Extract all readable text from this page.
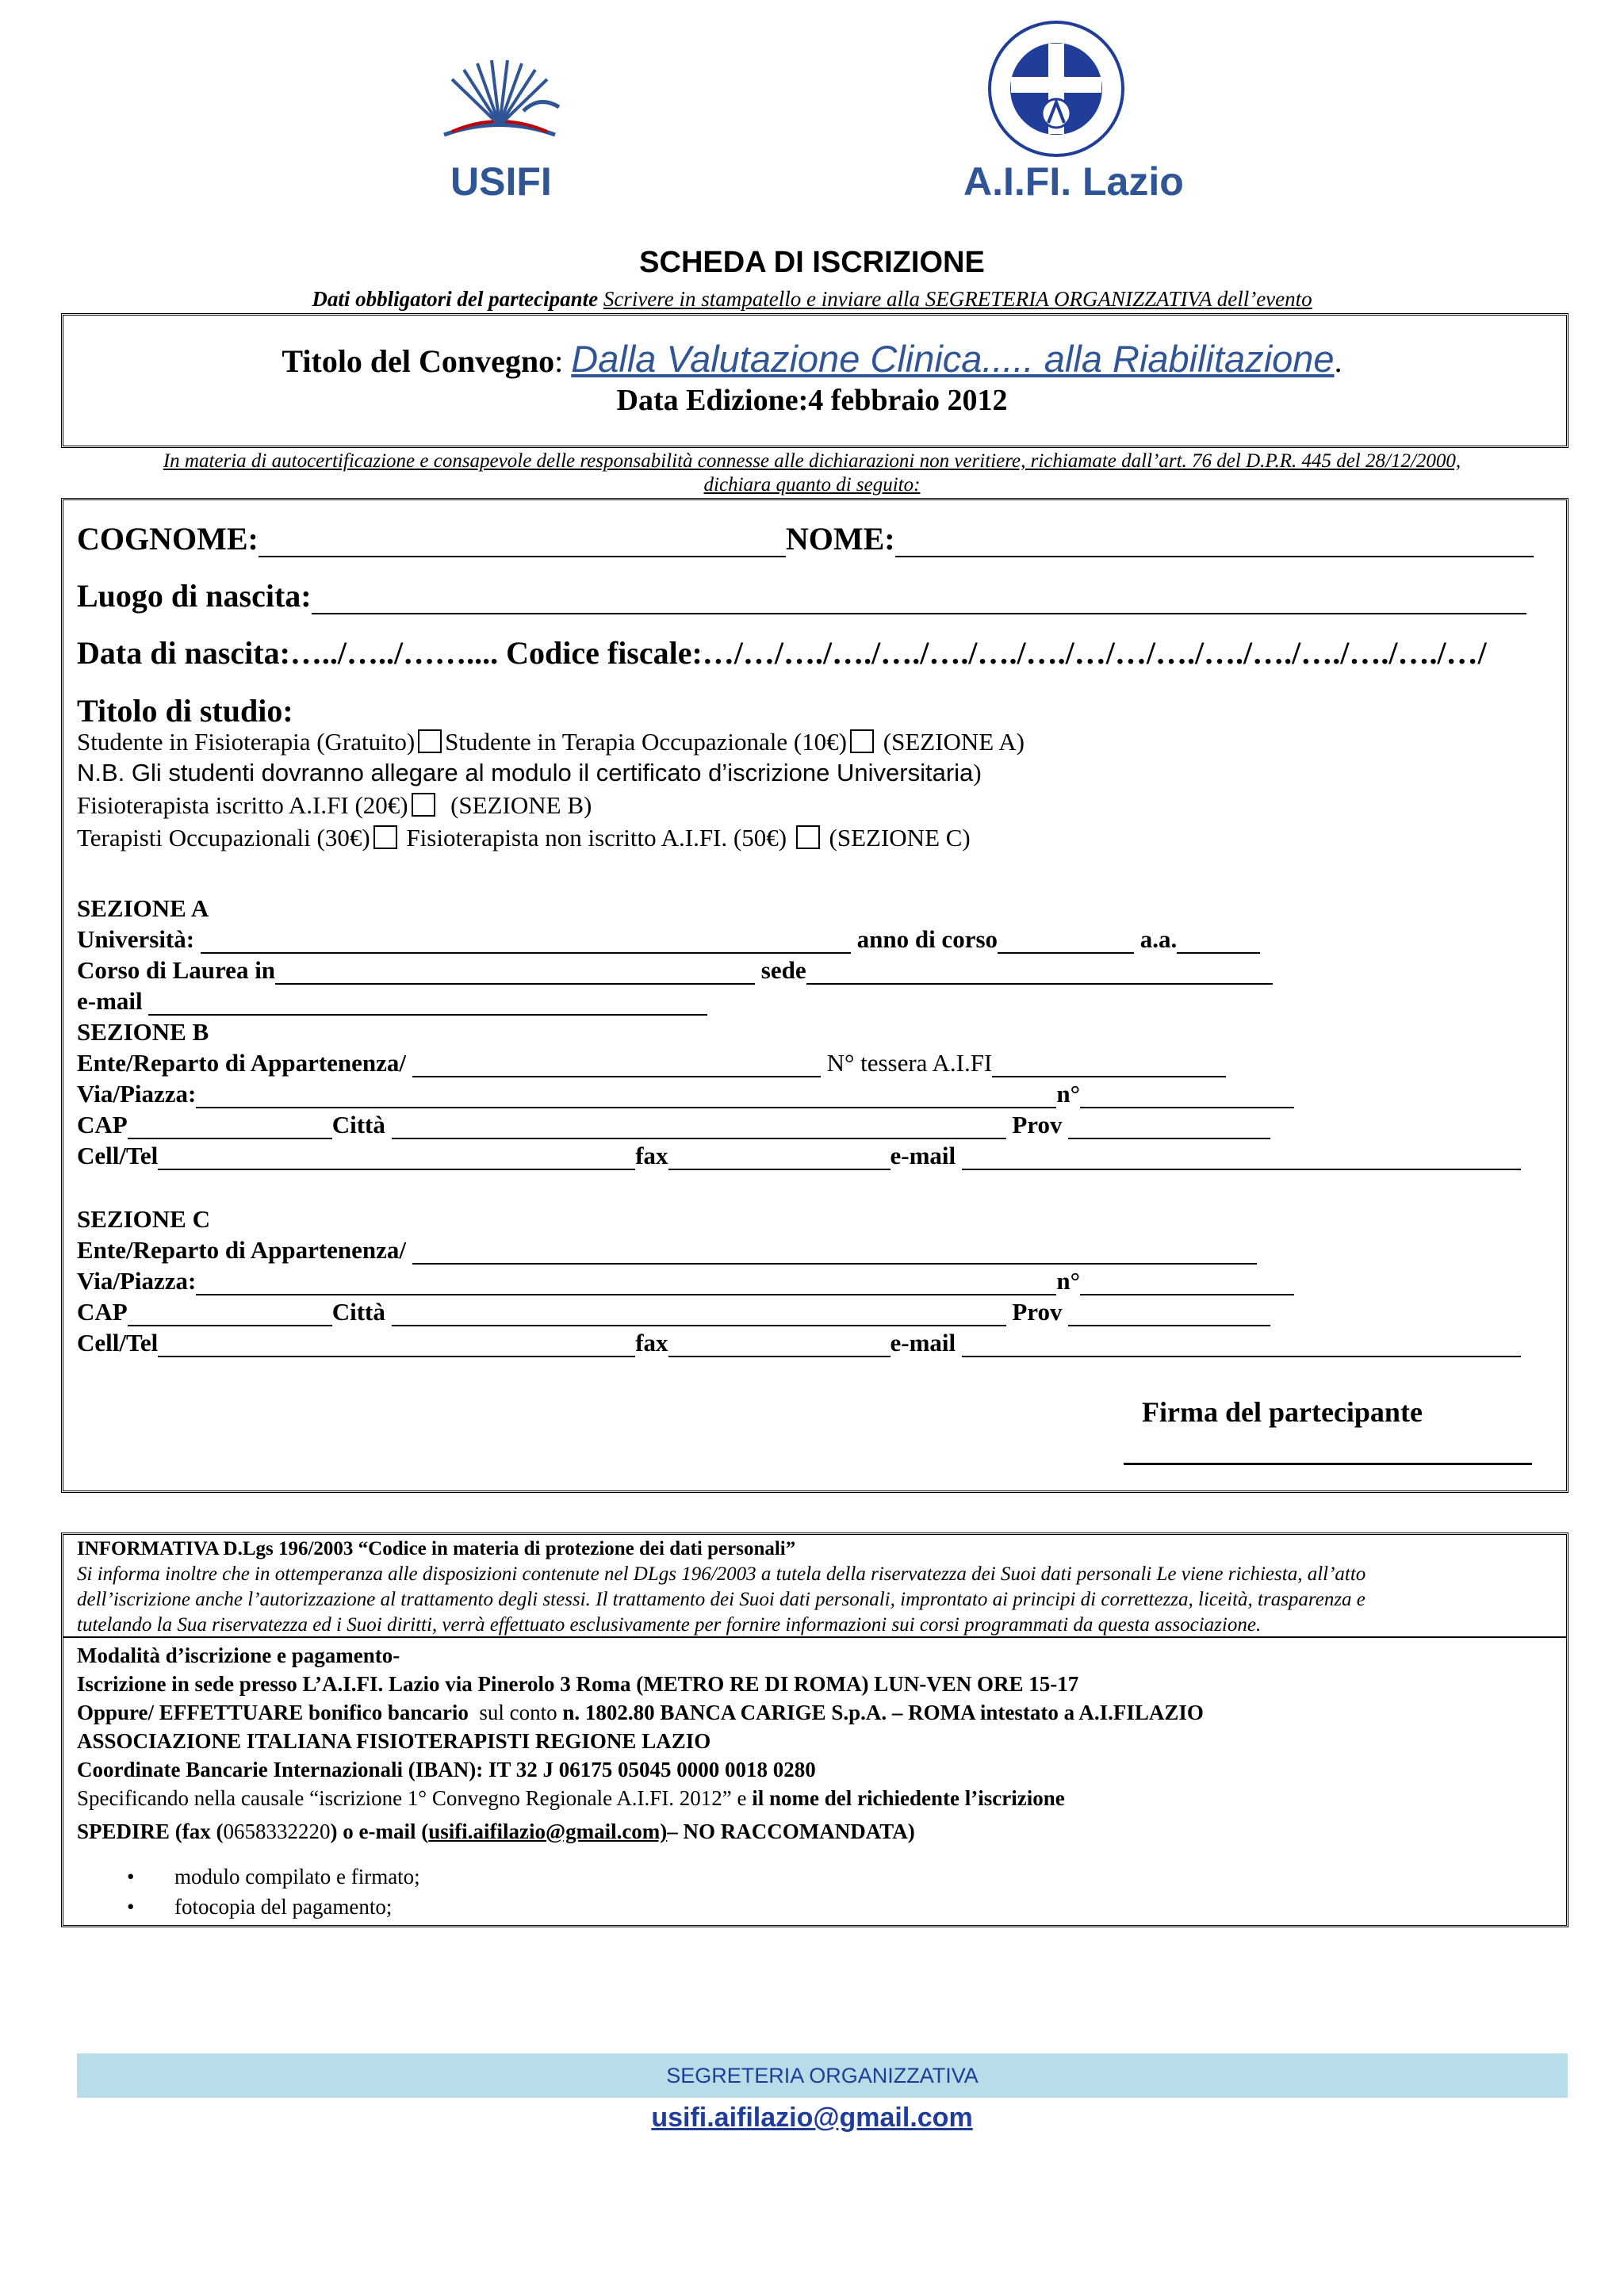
USIFI	A.I.FI. Lazio
SCHEDA DI ISCRIZIONE
Dati obbligatori del partecipante Scrivere in stampatello e inviare alla SEGRETERIA ORGANIZZATIVA dell’evento
Titolo del Convegno: Dalla Valutazione Clinica..... alla Riabilitazione.
Data Edizione:4 febbraio 2012
In materia di autocertificazione e consapevole delle responsabilità connesse alle dichiarazioni non veritiere, richiamate dall’art. 76 del D.P.R. 445 del 28/12/2000,
dichiara quanto di seguito:
COGNOME:	NOME:
Luogo di nascita:
Data di nascita:…../…../…….... Codice fiscale:…/…/…./…./…./…./…./…./…/…/…./…./…./…./…./…./…/
Titolo di studio:
Studente in Fisioterapia (Gratuito) Studente in Terapia Occupazionale (10€) (SEZIONE A)
N.B. Gli studenti dovranno allegare al modulo il certificato d’iscrizione Universitaria)
Fisioterapista iscritto A.I.FI (20€) (SEZIONE B)
Terapisti Occupazionali (30€) Fisioterapista non iscritto A.I.FI. (50€) (SEZIONE C)
SEZIONE A
Università:	anno di corso	a.a.
Corso di Laurea in	sede
e-mail
SEZIONE B
Ente/Reparto di Appartenenza/	N° tessera A.I.FI
Via/Piazza:	n°
CAP	Città	Prov
Cell/Tel	fax	e-mail
SEZIONE C
Ente/Reparto di Appartenenza/
Via/Piazza:	n°
CAP	Città	Prov
Cell/Tel	fax	e-mail
Firma del partecipante
INFORMATIVA D.Lgs 196/2003 “Codice in materia di protezione dei dati personali”
Si informa inoltre che in ottemperanza alle disposizioni contenute nel DLgs 196/2003 a tutela della riservatezza dei Suoi dati personali Le viene richiesta, all’atto
dell’iscrizione anche l’autorizzazione al trattamento degli stessi. Il trattamento dei Suoi dati personali, improntato ai principi di correttezza, liceità, trasparenza e
tutelando la Sua riservatezza ed i Suoi diritti, verrà effettuato esclusivamente per fornire informazioni sui corsi programmati da questa associazione.
Modalità d’iscrizione e pagamento-
Iscrizione in sede presso L’A.I.FI. Lazio via Pinerolo 3 Roma (METRO RE DI ROMA) LUN-VEN ORE 15-17
Oppure/ EFFETTUARE bonifico bancario sul conto n. 1802.80 BANCA CARIGE S.p.A. – ROMA intestato a A.I.FILAZIO
ASSOCIAZIONE ITALIANA FISIOTERAPISTI REGIONE LAZIO
Coordinate Bancarie Internazionali (IBAN): IT 32 J 06175 05045 0000 0018 0280
Specificando nella causale “iscrizione 1° Convegno Regionale A.I.FI. 2012” e il nome del richiedente l’iscrizione
SPEDIRE (fax (0658332220) o e-mail (usifi.aifilazio@gmail.com)– NO RACCOMANDATA)
• modulo compilato e firmato;
• fotocopia del pagamento;
SEGRETERIA ORGANIZZATIVA
usifi.aifilazio@gmail.com
